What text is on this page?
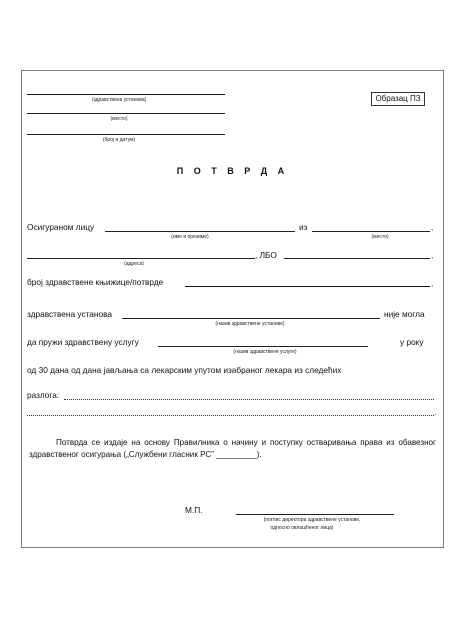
(здравствена установа)
(место)
(број и датум)
Образац ПЗ
П О Т В Р Д А
Осигураном лицу
(име и презиме)
из	,
(место)
(адреса)
, ЛБО	,
број здравствене књижице/потврде	,
здравствена установа
(назив здравствене установе)
није могла
да пружи здравствену услугу
(назив здравствене услуге)
у року
од 30 дана од дана јављања са лекарским упутом изабраног лекара из следећих
разлога:
.
Потврда се издаје на основу Правилника о начину и поступку остваривања права из обавезног здравственог осигурања („Службени гласник РС” _________).
М.П.
(потпис директора здравствене установе,
односно овлашћеног лица)
